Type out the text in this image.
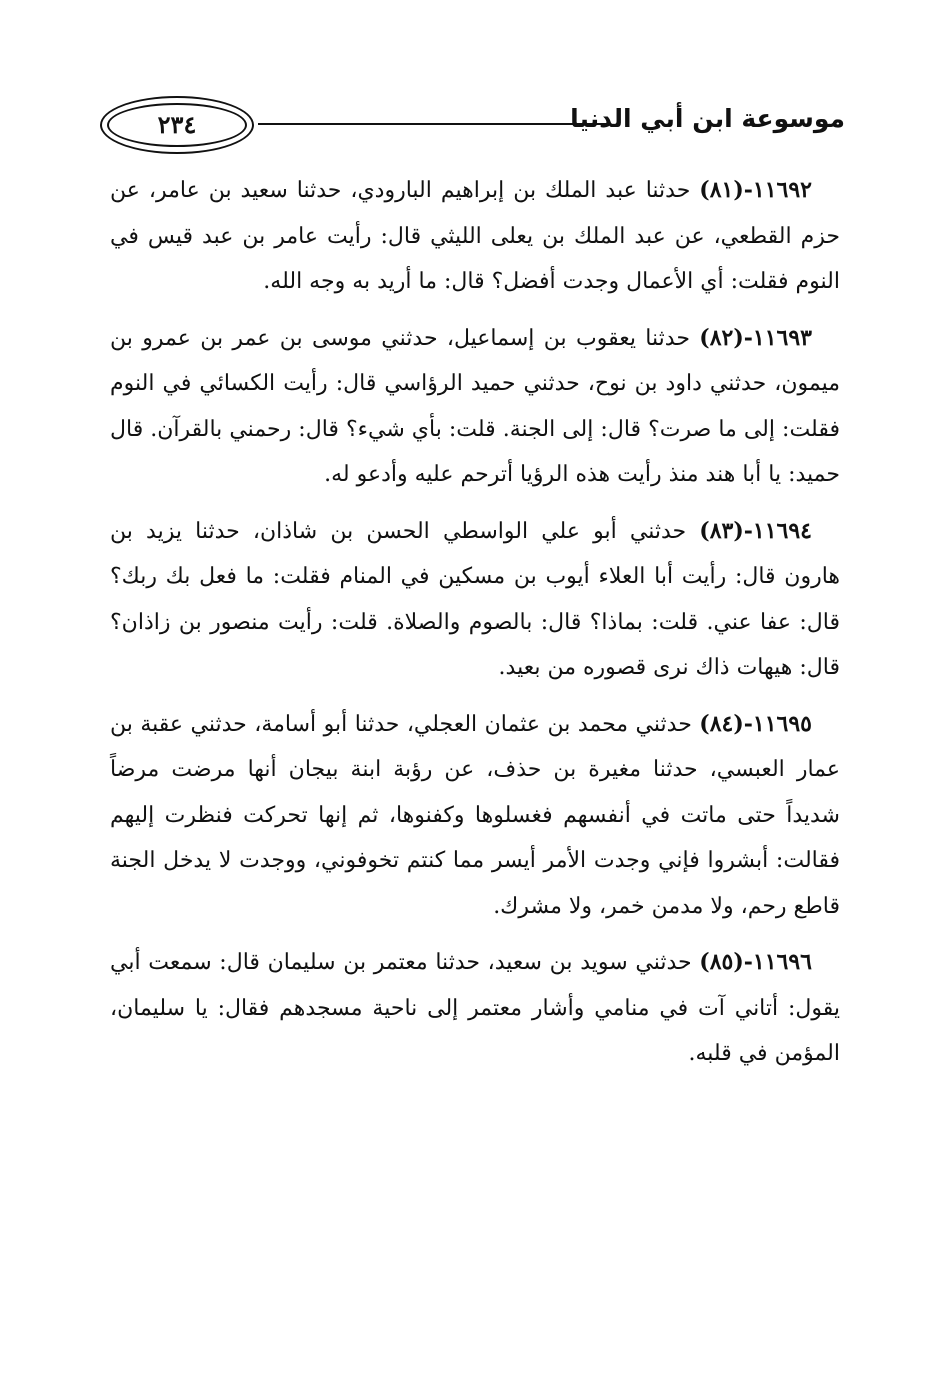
٢٣٤	موسوعة ابن أبي الدنيا

١١٦٩٢-(٨١) حدثنا عبد الملك بن إبراهيم البارودي، حدثنا سعيد بن عامر، عن حزم القطعي، عن عبد الملك بن يعلى الليثي قال: رأيت عامر بن عبد قيس في النوم فقلت: أي الأعمال وجدت أفضل؟ قال: ما أريد به وجه الله.

١١٦٩٣-(٨٢) حدثنا يعقوب بن إسماعيل، حدثني موسى بن عمر بن عمرو بن ميمون، حدثني داود بن نوح، حدثني حميد الرؤاسي قال: رأيت الكسائي في النوم فقلت: إلى ما صرت؟ قال: إلى الجنة. قلت: بأي شيء؟ قال: رحمني بالقرآن. قال حميد: يا أبا هند منذ رأيت هذه الرؤيا أترحم عليه وأدعو له.

١١٦٩٤-(٨٣) حدثني أبو علي الواسطي الحسن بن شاذان، حدثنا يزيد بن هارون قال: رأيت أبا العلاء أيوب بن مسكين في المنام فقلت: ما فعل بك ربك؟ قال: عفا عني. قلت: بماذا؟ قال: بالصوم والصلاة. قلت: رأيت منصور بن زاذان؟ قال: هيهات ذاك نرى قصوره من بعيد.

١١٦٩٥-(٨٤) حدثني محمد بن عثمان العجلي، حدثنا أبو أسامة، حدثني عقبة بن عمار العبسي، حدثنا مغيرة بن حذف، عن رؤبة ابنة بيجان أنها مرضت مرضاً شديداً حتى ماتت في أنفسهم فغسلوها وكفنوها، ثم إنها تحركت فنظرت إليهم فقالت: أبشروا فإني وجدت الأمر أيسر مما كنتم تخوفوني، ووجدت لا يدخل الجنة قاطع رحم، ولا مدمن خمر، ولا مشرك.

١١٦٩٦-(٨٥) حدثني سويد بن سعيد، حدثنا معتمر بن سليمان قال: سمعت أبي يقول: أتاني آت في منامي وأشار معتمر إلى ناحية مسجدهم فقال: يا سليمان، المؤمن في قلبه.
